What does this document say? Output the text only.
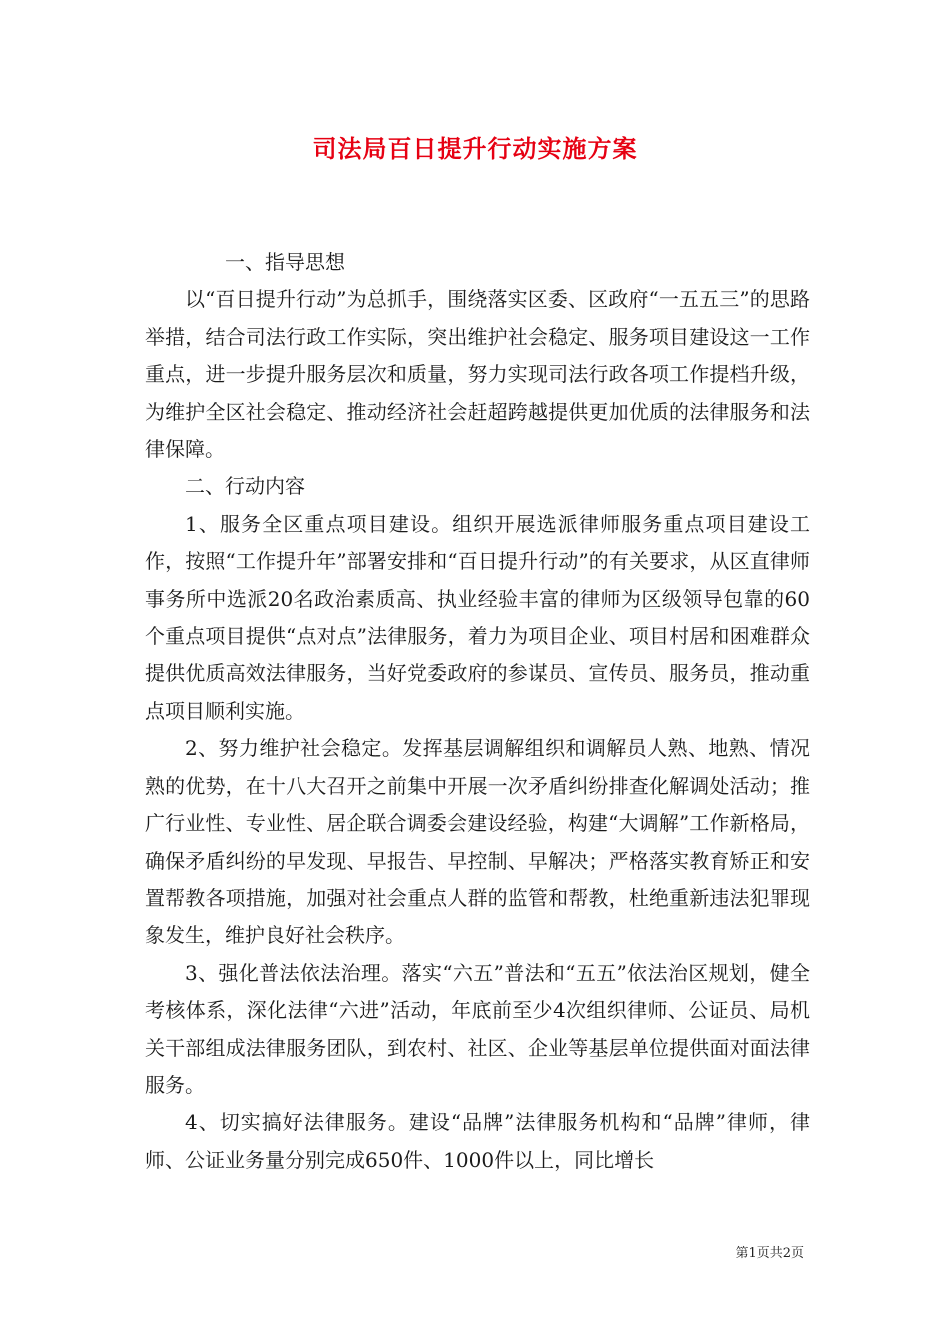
司法局百日提升行动实施方案

一、指导思想

以“百日提升行动”为总抓手，围绕落实区委、区政府“一五五三”的思路举措，结合司法行政工作实际，突出维护社会稳定、服务项目建设这一工作重点，进一步提升服务层次和质量，努力实现司法行政各项工作提档升级，为维护全区社会稳定、推动经济社会赶超跨越提供更加优质的法律服务和法律保障。

二、行动内容

1、服务全区重点项目建设。组织开展选派律师服务重点项目建设工作，按照“工作提升年”部署安排和“百日提升行动”的有关要求，从区直律师事务所中选派20名政治素质高、执业经验丰富的律师为区级领导包靠的60个重点项目提供“点对点”法律服务，着力为项目企业、项目村居和困难群众提供优质高效法律服务，当好党委政府的参谋员、宣传员、服务员，推动重点项目顺利实施。

2、努力维护社会稳定。发挥基层调解组织和调解员人熟、地熟、情况熟的优势，在十八大召开之前集中开展一次矛盾纠纷排查化解调处活动；推广行业性、专业性、居企联合调委会建设经验，构建“大调解”工作新格局，确保矛盾纠纷的早发现、早报告、早控制、早解决；严格落实教育矫正和安置帮教各项措施，加强对社会重点人群的监管和帮教，杜绝重新违法犯罪现象发生，维护良好社会秩序。

3、强化普法依法治理。落实“六五”普法和“五五”依法治区规划，健全考核体系，深化法律“六进”活动，年底前至少4次组织律师、公证员、局机关干部组成法律服务团队，到农村、社区、企业等基层单位提供面对面法律服务。

4、切实搞好法律服务。建设“品牌”法律服务机构和“品牌”律师，律师、公证业务量分别完成650件、1000件以上，同比增长

第1页共2页
